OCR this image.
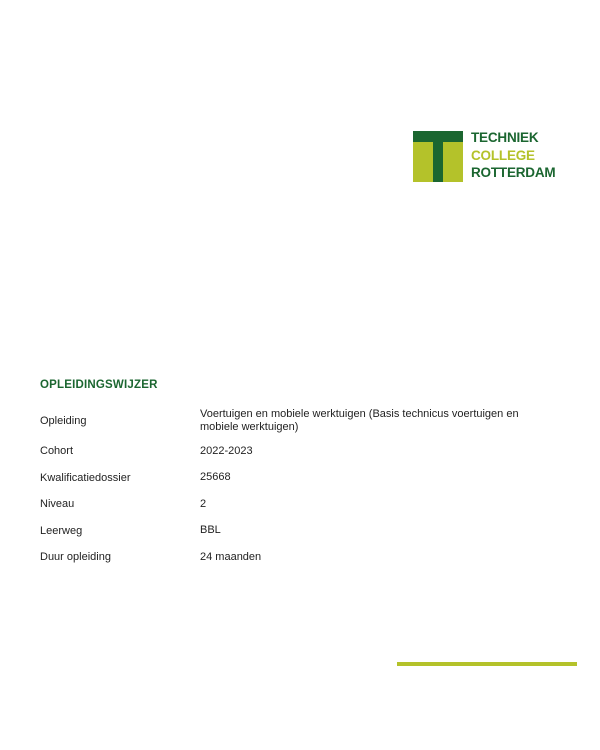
TECHNIEK
COLLEGE
ROTTERDAM
OPLEIDINGSWIJZER
Opleiding	Voertuigen en mobiele werktuigen (Basis technicus voertuigen en mobiele werktuigen)
Cohort	2022-2023
Kwalificatiedossier	25668
Niveau	2
Leerweg	BBL
Duur opleiding	24 maanden
